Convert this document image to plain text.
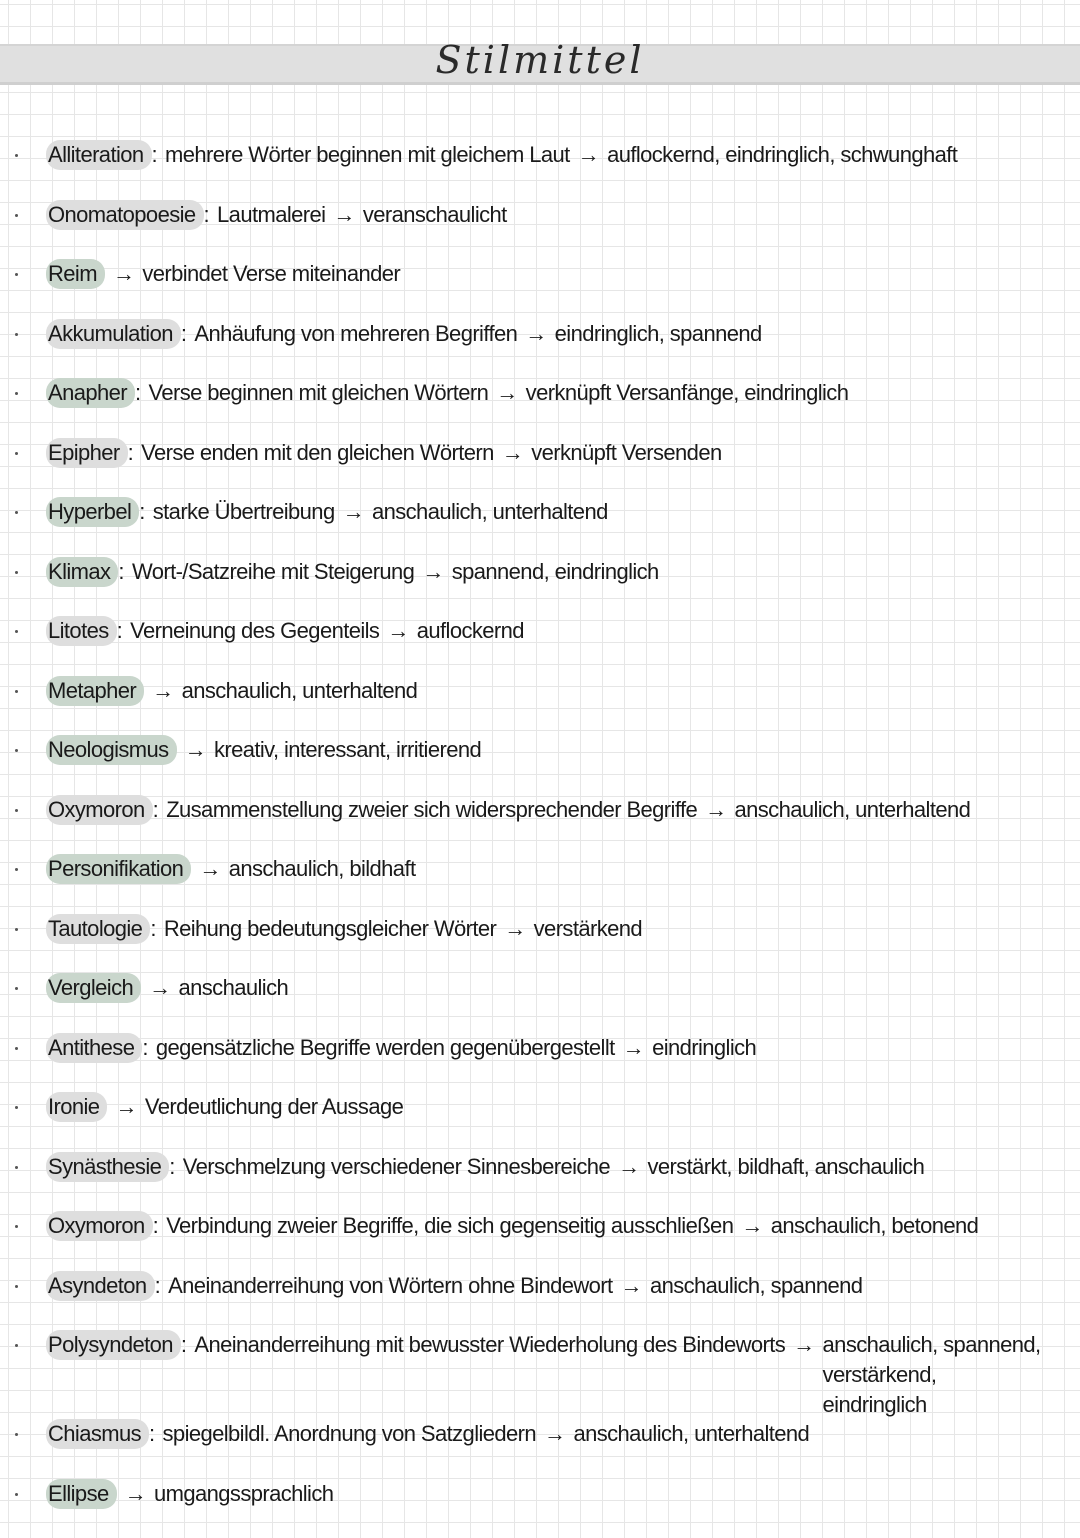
Stilmittel
Alliteration : mehrere Wörter beginnen mit gleichem Laut → auflockernd, eindringlich, schwunghaft
Onomatopoesie : Lautmalerei → veranschaulicht
Reim → verbindet Verse miteinander
Akkumulation : Anhäufung von mehreren Begriffen → eindringlich, spannend
Anapher : Verse beginnen mit gleichen Wörtern → verknüpft Versanfänge, eindringlich
Epipher : Verse enden mit den gleichen Wörtern → verknüpft Versenden
Hyperbel : starke Übertreibung → anschaulich, unterhaltend
Klimax : Wort-/Satzreihe mit Steigerung → spannend, eindringlich
Litotes : Verneinung des Gegenteils → auflockernd
Metapher → anschaulich, unterhaltend
Neologismus → kreativ, interessant, irritierend
Oxymoron : Zusammenstellung zweier sich widersprechender Begriffe → anschaulich, unterhaltend
Personifikation → anschaulich, bildhaft
Tautologie : Reihung bedeutungsgleicher Wörter → verstärkend
Vergleich → anschaulich
Antithese : gegensätzliche Begriffe werden gegenübergestellt → eindringlich
Ironie → Verdeutlichung der Aussage
Synästhesie : Verschmelzung verschiedener Sinnesbereiche → verstärkt, bildhaft, anschaulich
Oxymoron : Verbindung zweier Begriffe, die sich gegenseitig ausschließen → anschaulich, betonend
Asyndeton : Aneinanderreihung von Wörtern ohne Bindewort → anschaulich, spannend
Polysyndeton : Aneinanderreihung mit bewusster Wiederholung des Bindeworts → anschaulich, spannend, verstärkend,
eindringlich
Chiasmus : spiegelbildl. Anordnung von Satzgliedern → anschaulich, unterhaltend
Ellipse → umgangssprachlich
